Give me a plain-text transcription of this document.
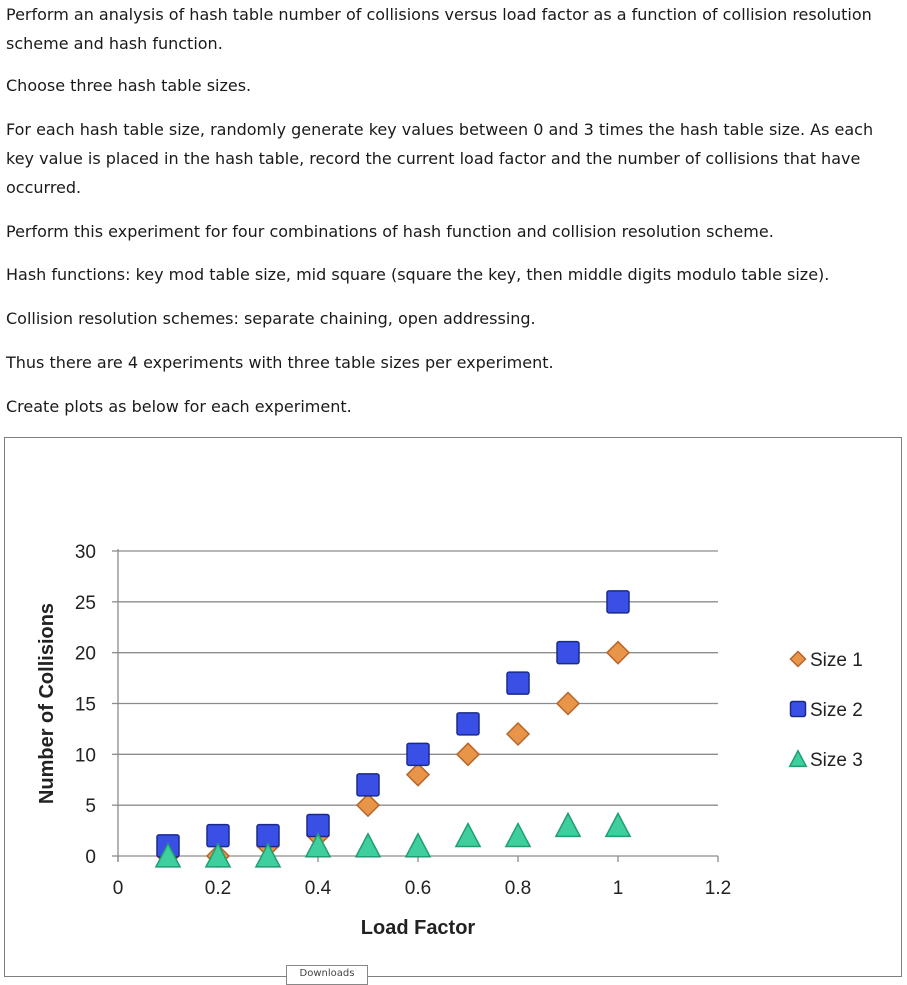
Perform an analysis of hash table number of collisions versus load factor as a function of collision resolution scheme and hash function.

Choose three hash table sizes.

For each hash table size, randomly generate key values between 0 and 3 times the hash table size. As each key value is placed in the hash table, record the current load factor and the number of collisions that have occurred.

Perform this experiment for four combinations of hash function and collision resolution scheme.

Hash functions: key mod table size, mid square (square the key, then middle digits modulo table size).

Collision resolution schemes: separate chaining, open addressing.

Thus there are 4 experiments with three table sizes per experiment.

Create plots as below for each experiment.

0
5
10
15
20
25
30
0	0.2	0.4	0.6	0.8	1	1.2
Load Factor
Number of Collisions	Size 1
Size 2
Size 3
Downloads
